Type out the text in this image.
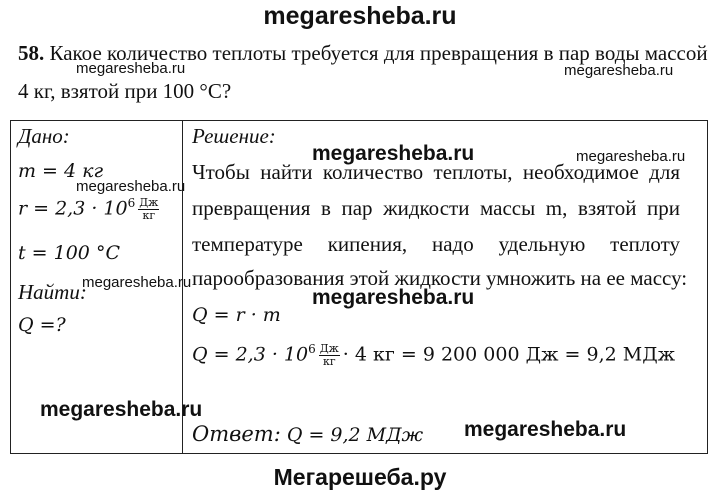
megaresheba.ru
58. Какое количество теплоты требуется для превращения в пар воды массой
4 кг, взятой при 100 °С?
megaresheba.ru	megaresheba.ru
Дано:
m = 4 кг
megaresheba.ru
$r = 2,3 \cdot 10^6 \frac{Дж}{кг}$
t = 100 °С
Найти:
megaresheba.ru
Q =?
Решение:
megaresheba.ru	megaresheba.ru
Чтобы найти количество теплоты, необходимое для
превращения в пар жидкости массы m, взятой при
температуре кипения, надо удельную теплоту
парообразования этой жидкости умножить на ее массу:
megaresheba.ru
Q = r · m
$Q = 2,3 \cdot 10^6 \frac{Дж}{кг} \cdot 4$ кг = 9 200 000 Дж = 9,2 МДж
megaresheba.ru
Ответ: Q = 9,2 МДж megaresheba.ru
Мегарешеба.ру
